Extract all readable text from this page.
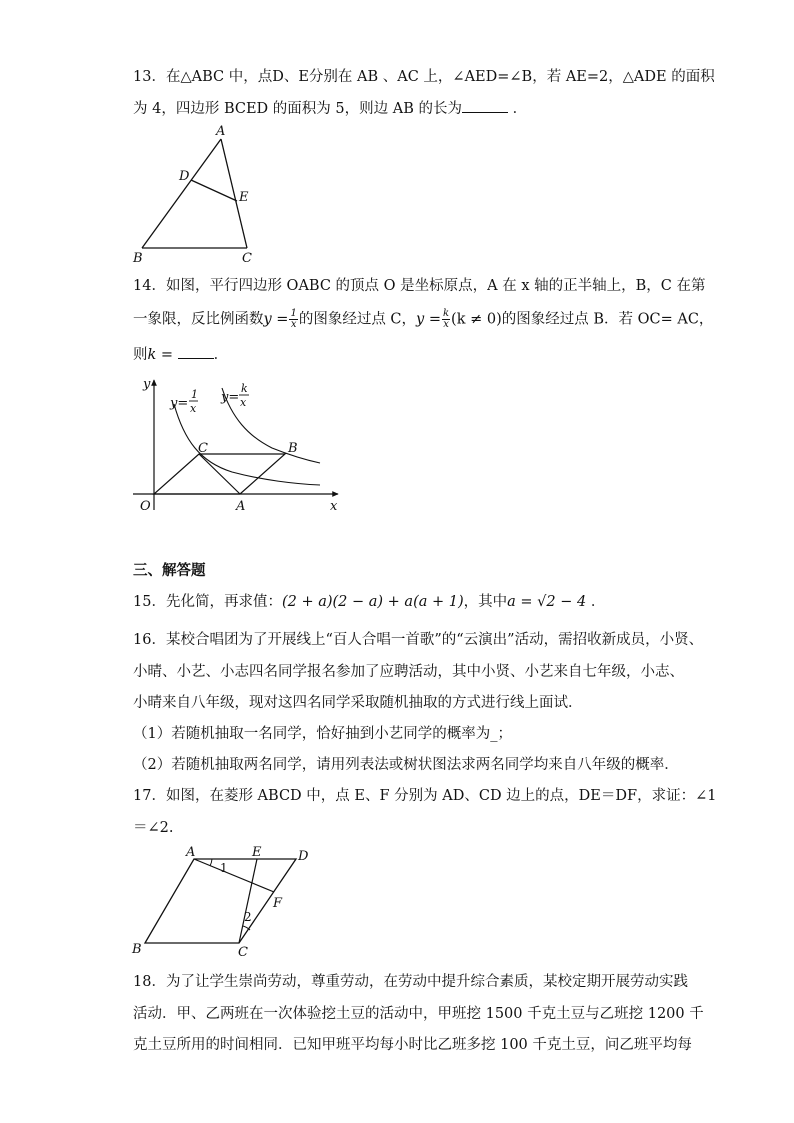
13．在△ABC 中，点D、E分别在 AB 、AC 上，∠AED=∠B，若 AE=2，△ADE 的面积
为 4，四边形 BCED 的面积为 5，则边 AB 的长为	．
A
D
E
B	C
14．如图，平行四边形 OABC 的顶点 O 是坐标原点，A 在 x 轴的正半轴上，B，C 在第
一象限，反比例函数$y = \frac{1}{x}$ 的图象经过点 C，$y = \frac{k}{x} (k \ne 0)$的图象经过点 B．若 OC= AC，
则k =	．
y
x
O	A
B
C
y=
1
x
y=
k
x
三、解答题
15．先化简，再求值：(2 + a)(2 − a) + a(a + 1)，其中a = √2 − 4 ．
16．某校合唱团为了开展线上“百人合唱一首歌”的“云演出”活动，需招收新成员，小贤、
小晴、小艺、小志四名同学报名参加了应聘活动，其中小贤、小艺来自七年级，小志、
小晴来自八年级，现对这四名同学采取随机抽取的方式进行线上面试．
（1）若随机抽取一名同学，恰好抽到小艺同学的概率为_；
（2）若随机抽取两名同学，请用列表法或树状图法求两名同学均来自八年级的概率．
17．如图，在菱形 ABCD 中，点 E、F 分别为 AD、CD 边上的点，DE＝DF，求证：∠1
＝∠2.
A	E	D
F
B	C
1
2
18．为了让学生崇尚劳动，尊重劳动，在劳动中提升综合素质，某校定期开展劳动实践
活动．甲、乙两班在一次体验挖土豆的活动中，甲班挖 1500 千克土豆与乙班挖 1200 千
克土豆所用的时间相同．已知甲班平均每小时比乙班多挖 100 千克土豆，问乙班平均每
